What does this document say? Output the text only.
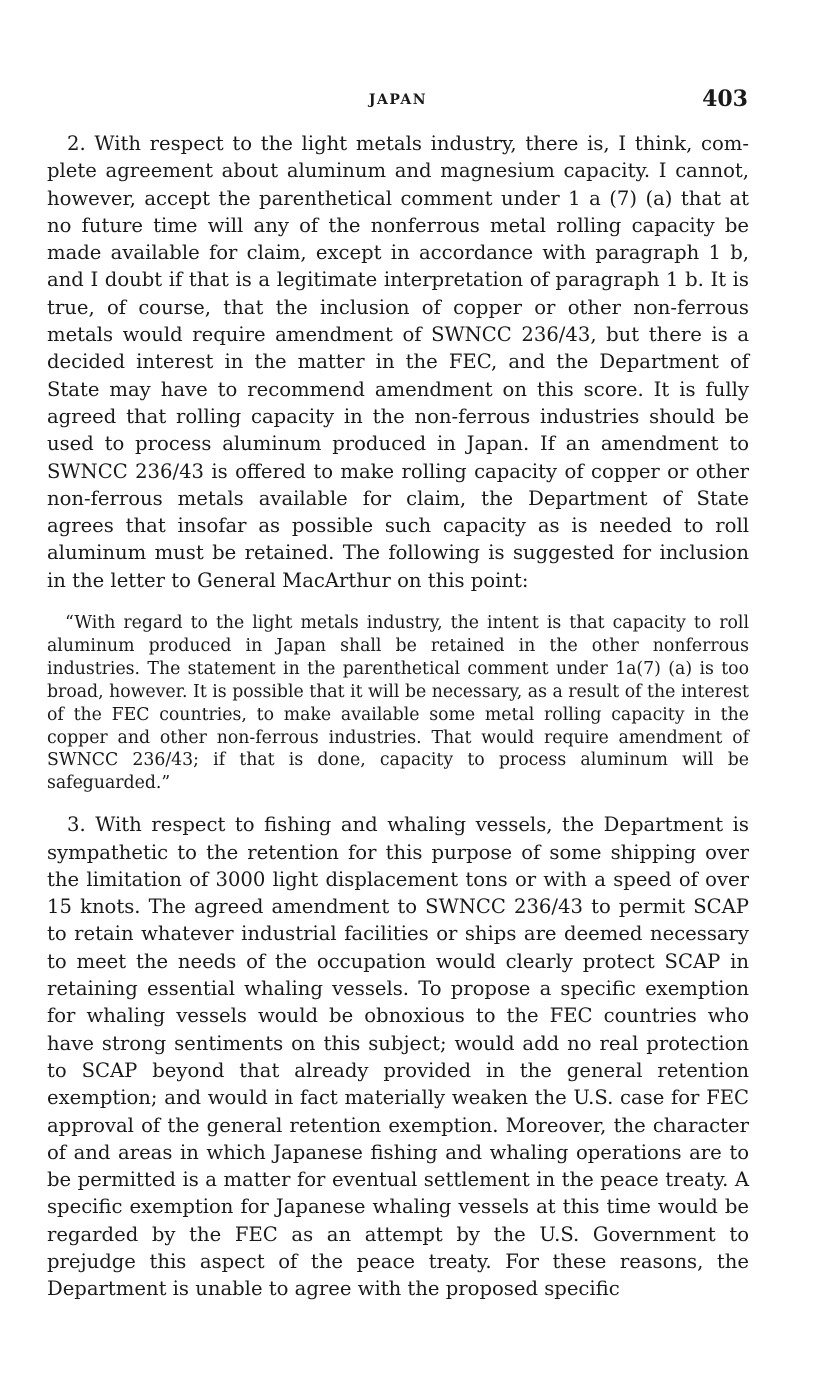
JAPAN	403

2. With respect to the light metals industry, there is, I think, complete agreement about aluminum and magnesium capacity. I cannot, however, accept the parenthetical comment under 1 a (7) (a) that at no future time will any of the nonferrous metal rolling capacity be made available for claim, except in accordance with paragraph 1 b, and I doubt if that is a legitimate interpretation of paragraph 1 b. It is true, of course, that the inclusion of copper or other non-ferrous metals would require amendment of SWNCC 236/43, but there is a decided interest in the matter in the FEC, and the Department of State may have to recommend amendment on this score. It is fully agreed that rolling capacity in the non-ferrous industries should be used to process aluminum produced in Japan. If an amendment to SWNCC 236/43 is offered to make rolling capacity of copper or other non-ferrous metals available for claim, the Department of State agrees that insofar as possible such capacity as is needed to roll aluminum must be retained. The following is suggested for inclusion in the letter to General MacArthur on this point:

“With regard to the light metals industry, the intent is that capacity to roll aluminum produced in Japan shall be retained in the other nonferrous industries. The statement in the parenthetical comment under 1a(7) (a) is too broad, however. It is possible that it will be necessary, as a result of the interest of the FEC countries, to make available some metal rolling capacity in the copper and other non-ferrous industries. That would require amendment of SWNCC 236/43; if that is done, capacity to process aluminum will be safeguarded.”

3. With respect to fishing and whaling vessels, the Department is sympathetic to the retention for this purpose of some shipping over the limitation of 3000 light displacement tons or with a speed of over 15 knots. The agreed amendment to SWNCC 236/43 to permit SCAP to retain whatever industrial facilities or ships are deemed necessary to meet the needs of the occupation would clearly protect SCAP in retaining essential whaling vessels. To propose a specific exemption for whaling vessels would be obnoxious to the FEC countries who have strong sentiments on this subject; would add no real protection to SCAP beyond that already provided in the general retention exemption; and would in fact materially weaken the U.S. case for FEC approval of the general retention exemption. Moreover, the character of and areas in which Japanese fishing and whaling operations are to be permitted is a matter for eventual settlement in the peace treaty. A specific exemption for Japanese whaling vessels at this time would be regarded by the FEC as an attempt by the U.S. Government to prejudge this aspect of the peace treaty. For these reasons, the Department is unable to agree with the proposed specific
